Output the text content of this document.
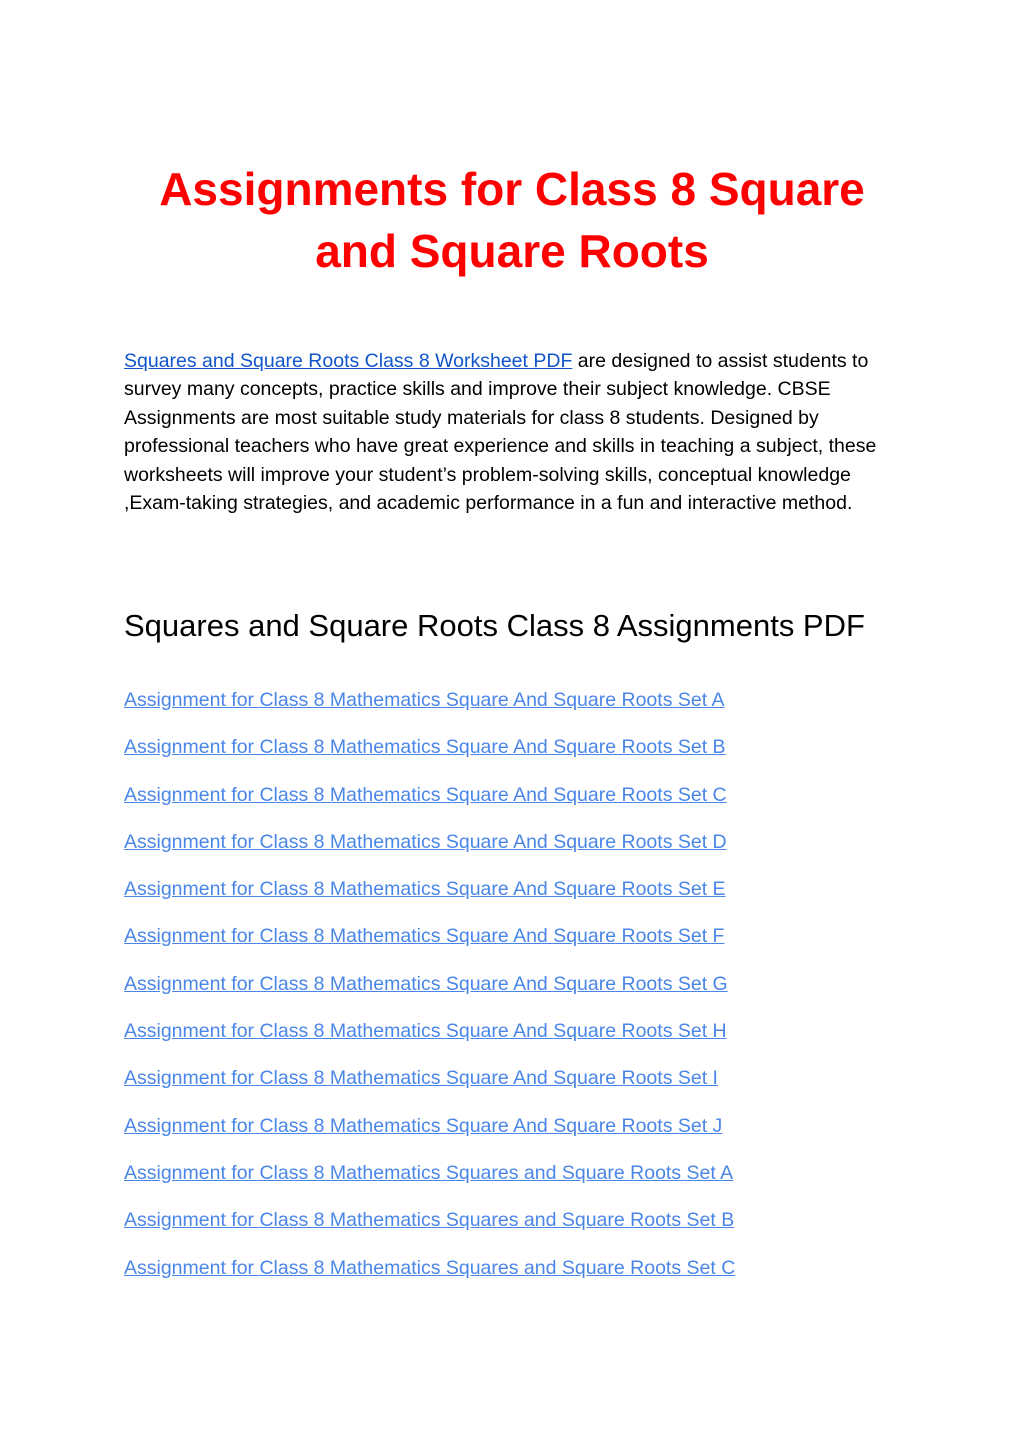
Assignments for Class 8 Square and Square Roots

Squares and Square Roots Class 8 Worksheet PDF are designed to assist students to survey many concepts, practice skills and improve their subject knowledge. CBSE Assignments are most suitable study materials for class 8 students. Designed by professional teachers who have great experience and skills in teaching a subject, these worksheets will improve your student’s problem-solving skills, conceptual knowledge ,Exam-taking strategies, and academic performance in a fun and interactive method.

Squares and Square Roots Class 8 Assignments PDF
Assignment for Class 8 Mathematics Square And Square Roots Set A
Assignment for Class 8 Mathematics Square And Square Roots Set B
Assignment for Class 8 Mathematics Square And Square Roots Set C
Assignment for Class 8 Mathematics Square And Square Roots Set D
Assignment for Class 8 Mathematics Square And Square Roots Set E
Assignment for Class 8 Mathematics Square And Square Roots Set F
Assignment for Class 8 Mathematics Square And Square Roots Set G
Assignment for Class 8 Mathematics Square And Square Roots Set H
Assignment for Class 8 Mathematics Square And Square Roots Set I
Assignment for Class 8 Mathematics Square And Square Roots Set J
Assignment for Class 8 Mathematics Squares and Square Roots Set A
Assignment for Class 8 Mathematics Squares and Square Roots Set B
Assignment for Class 8 Mathematics Squares and Square Roots Set C
